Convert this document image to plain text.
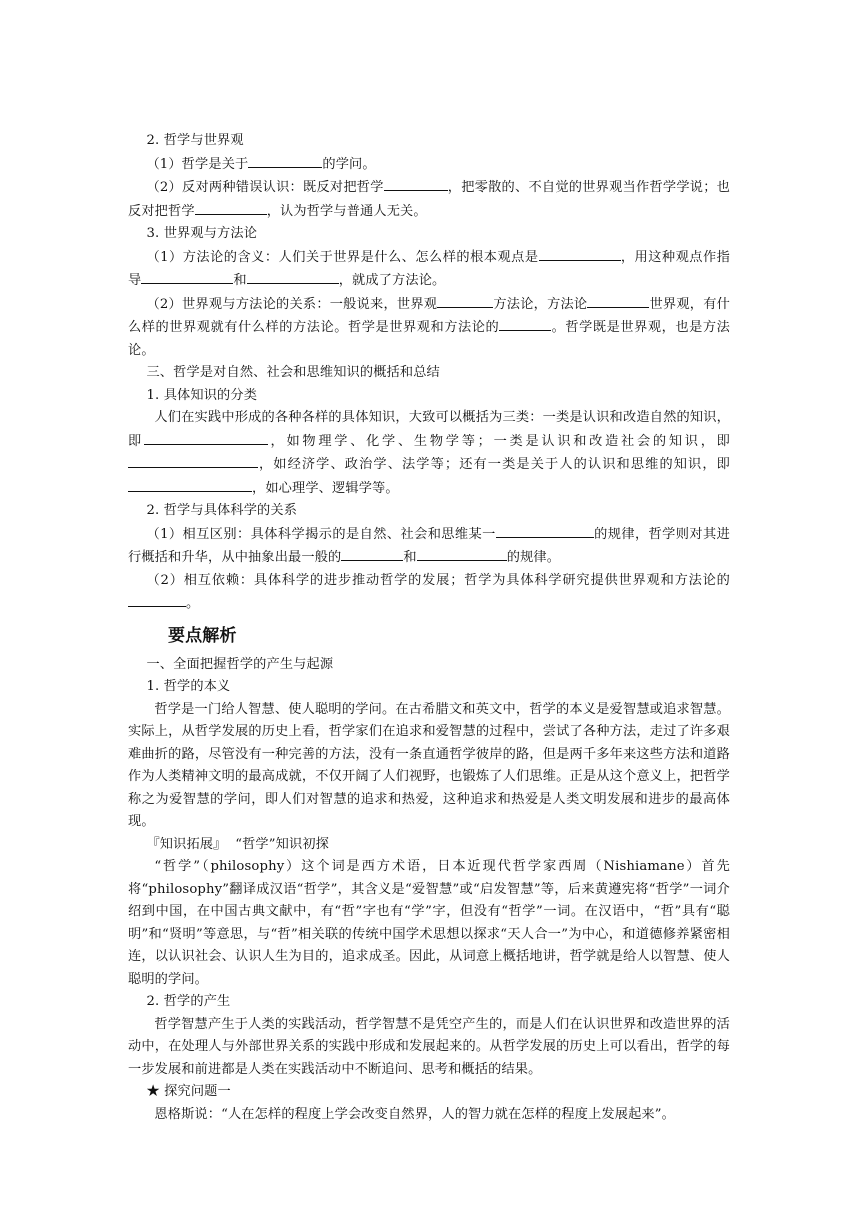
2. 哲学与世界观

（1）哲学是关于	的学问。

（2）反对两种错误认识：既反对把哲学	，把零散的、不自觉的世界观当作哲学学说；也反对把哲学	，认为哲学与普通人无关。

3. 世界观与方法论

（1）方法论的含义：人们关于世界是什么、怎么样的根本观点是	，用这种观点作指导	和	，就成了方法论。

（2）世界观与方法论的关系：一般说来，世界观	方法论，方法论	世界观，有什么样的世界观就有什么样的方法论。哲学是世界观和方法论的	。哲学既是世界观，也是方法论。

三、哲学是对自然、社会和思维知识的概括和总结

1. 具体知识的分类

人们在实践中形成的各种各样的具体知识，大致可以概括为三类：一类是认识和改造自然的知识，即	，如物理学、化学、生物学等；一类是认识和改造社会的知识，即，如经济学、政治学、法学等；还有一类是关于人的认识和思维的知识，即，如心理学、逻辑学等。

2. 哲学与具体科学的关系

（1）相互区别：具体科学揭示的是自然、社会和思维某一	的规律，哲学则对其进行概括和升华，从中抽象出最一般的	和	的规律。

（2）相互依赖：具体科学的进步推动哲学的发展；哲学为具体科学研究提供世界观和方法论的。

要点解析

一、全面把握哲学的产生与起源

1. 哲学的本义

哲学是一门给人智慧、使人聪明的学问。在古希腊文和英文中，哲学的本义是爱智慧或追求智慧。实际上，从哲学发展的历史上看，哲学家们在追求和爱智慧的过程中，尝试了各种方法，走过了许多艰难曲折的路，尽管没有一种完善的方法，没有一条直通哲学彼岸的路，但是两千多年来这些方法和道路作为人类精神文明的最高成就，不仅开阔了人们视野，也锻炼了人们思维。正是从这个意义上，把哲学称之为爱智慧的学问，即人们对智慧的追求和热爱，这种追求和热爱是人类文明发展和进步的最高体现。

『知识拓展』 “哲学”知识初探

“哲学”（philosophy）这个词是西方术语，日本近现代哲学家西周（Nishiamane）首先将“philosophy”翻译成汉语“哲学”，其含义是“爱智慧”或“启发智慧”等，后来黄遵宪将“哲学”一词介绍到中国，在中国古典文献中，有“哲”字也有“学”字，但没有“哲学”一词。在汉语中，“哲”具有“聪明”和“贤明”等意思，与“哲”相关联的传统中国学术思想以探求“天人合一”为中心，和道德修养紧密相连，以认识社会、认识人生为目的，追求成圣。因此，从词意上概括地讲，哲学就是给人以智慧、使人聪明的学问。

2. 哲学的产生

哲学智慧产生于人类的实践活动，哲学智慧不是凭空产生的，而是人们在认识世界和改造世界的活动中，在处理人与外部世界关系的实践中形成和发展起来的。从哲学发展的历史上可以看出，哲学的每一步发展和前进都是人类在实践活动中不断追问、思考和概括的结果。

★ 探究问题一

恩格斯说：“人在怎样的程度上学会改变自然界，人的智力就在怎样的程度上发展起来”。
